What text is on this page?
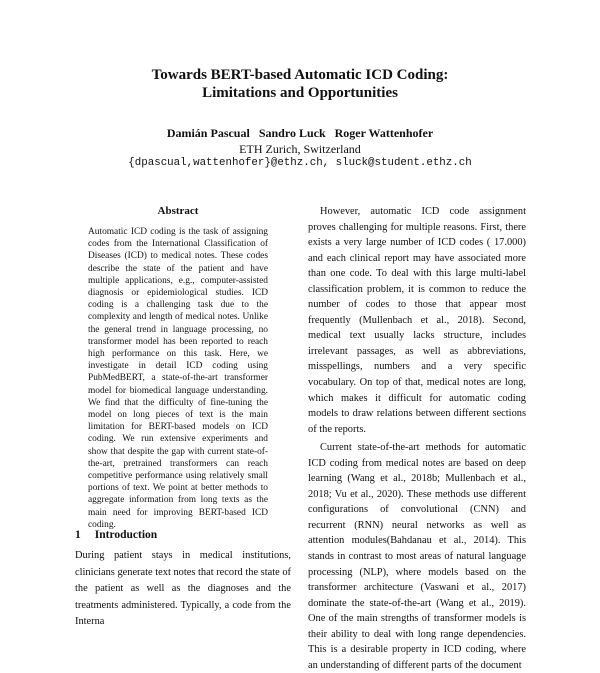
Towards BERT-based Automatic ICD Coding:
Limitations and Opportunities
Damián Pascual   Sandro Luck   Roger Wattenhofer
ETH Zurich, Switzerland
{dpascual,wattenhofer}@ethz.ch, sluck@student.ethz.ch
Abstract
Automatic ICD coding is the task of assigning codes from the International Classification of Diseases (ICD) to medical notes. These codes describe the state of the patient and have multiple applications, e.g., computer-assisted diagnosis or epidemiological studies. ICD coding is a challenging task due to the complexity and length of medical notes. Unlike the general trend in language processing, no transformer model has been reported to reach high performance on this task. Here, we investigate in detail ICD coding using PubMedBERT, a state-of-the-art transformer model for biomedical language understanding. We find that the difficulty of fine-tuning the model on long pieces of text is the main limitation for BERT-based models on ICD coding. We run extensive experiments and show that despite the gap with current state-of-the-art, pretrained transformers can reach competitive performance using relatively small portions of text. We point at better methods to aggregate information from long texts as the main need for improving BERT-based ICD coding.
1 Introduction
During patient stays in medical institutions, clinicians generate text notes that record the state of the patient as well as the diagnoses and the treatments administered. Typically, a code from the Interna

However, automatic ICD code assignment proves challenging for multiple reasons. First, there exists a very large number of ICD codes ( 17.000) and each clinical report may have associated more than one code. To deal with this large multi-label classification problem, it is common to reduce the number of codes to those that appear most frequently (Mullenbach et al., 2018). Second, medical text usually lacks structure, includes irrelevant passages, as well as abbreviations, misspellings, numbers and a very specific vocabulary. On top of that, medical notes are long, which makes it difficult for automatic coding models to draw relations between different sections of the reports.

Current state-of-the-art methods for automatic ICD coding from medical notes are based on deep learning (Wang et al., 2018b; Mullenbach et al., 2018; Vu et al., 2020). These methods use different configurations of convolutional (CNN) and recurrent (RNN) neural networks as well as attention modules(Bahdanau et al., 2014). This stands in contrast to most areas of natural language processing (NLP), where models based on the transformer architecture (Vaswani et al., 2017) dominate the state-of-the-art (Wang et al., 2019). One of the main strengths of transformer models is their ability to deal with long range dependencies. This is a desirable property in ICD coding, where an understanding of different parts of the document
